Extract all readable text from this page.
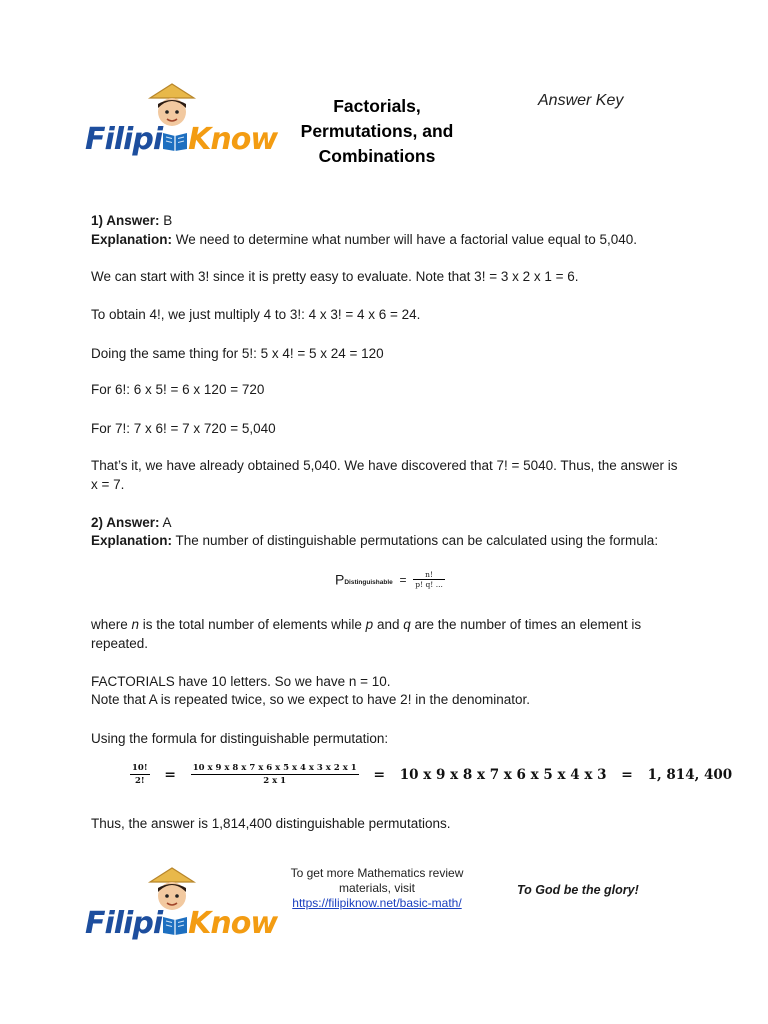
Filipi Know
Factorials,
Permutations, and
Combinations
Answer Key
1) Answer: B
Explanation: We need to determine what number will have a factorial value equal to 5,040.
We can start with 3! since it is pretty easy to evaluate. Note that 3! = 3 x 2 x 1 = 6.
To obtain 4!, we just multiply 4 to 3!: 4 x 3! = 4 x 6 = 24.
Doing the same thing for 5!: 5 x 4! = 5 x 24 = 120
For 6!: 6 x 5! = 6 x 120 = 720
For 7!: 7 x 6! = 7 x 720 = 5,040
That’s it, we have already obtained 5,040. We have discovered that 7! = 5040. Thus, the answer is x = 7.
2) Answer: A
Explanation: The number of distinguishable permutations can be calculated using the formula:
$P_{Distinguishable} = \frac{n!}{p! q! ...}$
where n is the total number of elements while p and q are the number of times an element is repeated.
FACTORIALS have 10 letters. So we have n = 10.
Note that A is repeated twice, so we expect to have 2! in the denominator.
Using the formula for distinguishable permutation:
$\frac{10!}{2!} = \frac{10 x 9 x 8 x 7 x 6 x 5 x 4 x 3 x 2 x 1}{2 x 1} = 10$ x 9 x 8 x 7 x 6 x 5 x 4 x 3 = 1, 814, 400
Thus, the answer is 1,814,400 distinguishable permutations.
Filipi Know
To get more Mathematics review materials, visit
https://filipiknow.net/basic-math/
To God be the glory!
